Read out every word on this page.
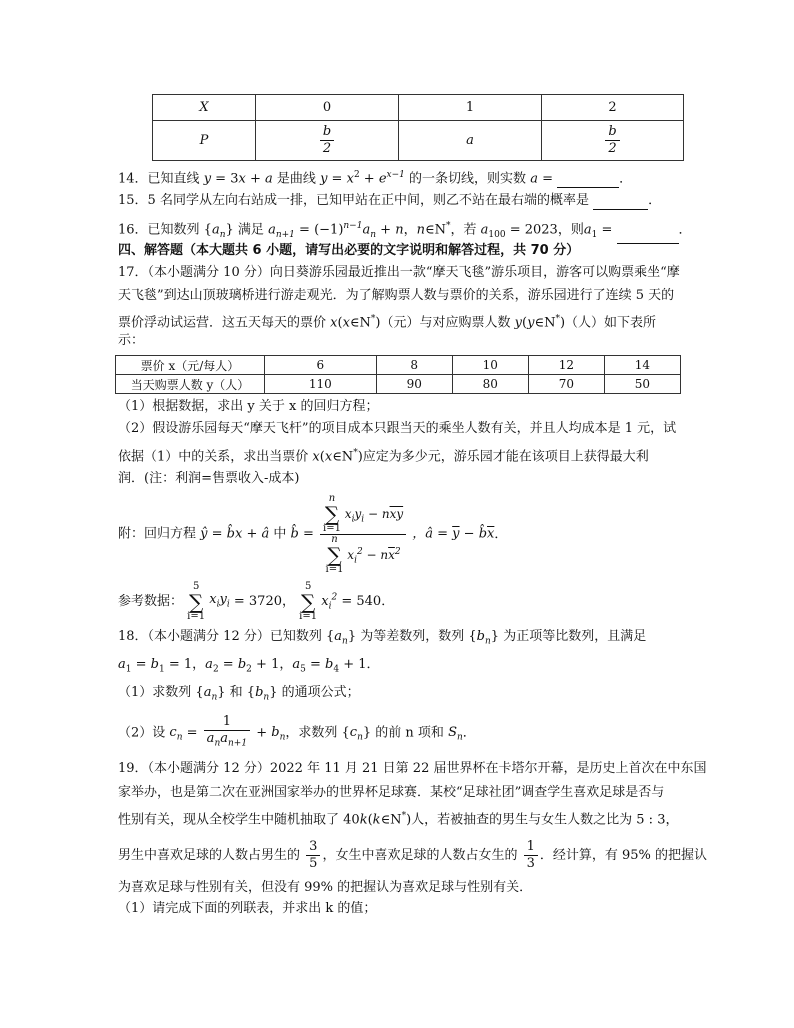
X	0	1	2
P	$\frac{b}{2}$	a	$\frac{b}{2}$
14．已知直线 y = 3x + a 是曲线 $y = x^2 + e^{x-1}$ 的一条切线，则实数 a =	．
15．5 名同学从左向右站成一排，已知甲站在正中间，则乙不站在最右端的概率是	．
16．已知数列 $\{a_n\}$ 满足 $a_{n+1} = (-1)^{n-1}a_n + n$，n∈N*，若 $a_{100} = 2023$，则$a_1$ =	．
四、解答题（本大题共 6 小题，请写出必要的文字说明和解答过程，共 70 分）
17．（本小题满分 10 分）向日葵游乐园最近推出一款“摩天飞毯”游乐项目，游客可以购票乘坐“摩
天飞毯”到达山顶玻璃桥进行游走观光．为了解购票人数与票价的关系，游乐园进行了连续 5 天的
票价浮动试运营．这五天每天的票价 x(x∈N*)（元）与对应购票人数 y(y∈N*)（人）如下表所
示：
票价 x（元/每人）	6	8	10	12	14
当天购票人数 y（人）	110	90	80	70	50
（1）根据数据，求出 y 关于 x 的回归方程；
（2）假设游乐园每天“摩天飞杆”的项目成本只跟当天的乘坐人数有关，并且人均成本是 1 元，试
依据（1）中的关系，求出当票价 x(x∈N*)应定为多少元，游乐园才能在该项目上获得最大利
润．(注：利润=售票收入-成本)
附：回归方程 ŷ = b̂x + â 中 b̂ = n
∑
i=1
$x_iy_i - n\overline{xy}$
n
∑
i=1
$x_i^2 - n\overline{x}^2$ ，â = $\overline{y}$ − $b̂\overline{x}$．
参考数据：
5
∑
i=1
$x_iy_i = 3720$，
5
∑
i=1
$x_i^2 = 540$．
18．（本小题满分 12 分）已知数列 $\{a_n\}$ 为等差数列，数列 $\{b_n\}$ 为正项等比数列，且满足
$a_1 = b_1 = 1$，$a_2 = b_2 + 1$，$a_5 = b_4 + 1$．
（1）求数列 $\{a_n\}$ 和 $\{b_n\}$ 的通项公式；
（2）设 $c_n = \frac{1}{a_na_{n+1}} + b_n$，求数列 $\{c_n\}$ 的前 n 项和 $S_n$．
19．（本小题满分 12 分）2022 年 11 月 21 日第 22 届世界杯在卡塔尔开幕，是历史上首次在中东国
家举办，也是第二次在亚洲国家举办的世界杯足球赛．某校“足球社团”调查学生喜欢足球是否与
性别有关，现从全校学生中随机抽取了 40k(k∈N*)人，若被抽查的男生与女生人数之比为 5 : 3，
男生中喜欢足球的人数占男生的 $\frac{3}{5}$ ，女生中喜欢足球的人数占女生的 $\frac{1}{3}$ ．经计算，有 95% 的把握认
为喜欢足球与性别有关，但没有 99% 的把握认为喜欢足球与性别有关．
（1）请完成下面的列联表，并求出 k 的值；
